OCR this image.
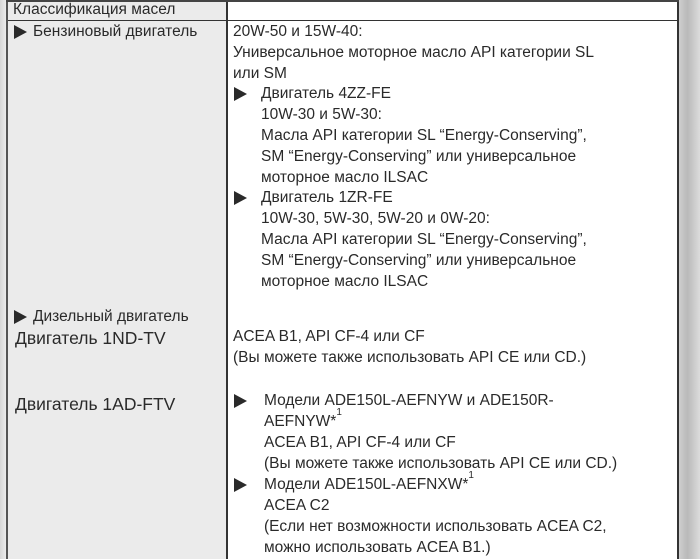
Классификация масел
Бензиновый двигатель
Дизельный двигатель
Двигатель 1ND-TV
Двигатель 1AD-FTV
20W-50 и 15W-40:
Универсальное моторное масло API категории SL
или SM
Двигатель 4ZZ-FE
10W-30 и 5W-30:
Масла API категории SL “Energy-Conserving”,
SM “Energy-Conserving” или универсальное
моторное масло ILSAC
Двигатель 1ZR-FE
10W-30, 5W-30, 5W-20 и 0W-20:
Масла API категории SL “Energy-Conserving”,
SM “Energy-Conserving” или универсальное
моторное масло ILSAC
ACEA B1, API CF-4 или CF
(Вы можете также использовать API CE или CD.)
Модели ADE150L-AEFNYW и ADE150R-
AEFNYW*$^1$
ACEA B1, API CF-4 или CF
(Вы можете также использовать API CE или CD.)
Модели ADE150L-AEFNXW*$^1$
ACEA C2
(Если нет возможности использовать ACEA C2,
можно использовать ACEA B1.)
